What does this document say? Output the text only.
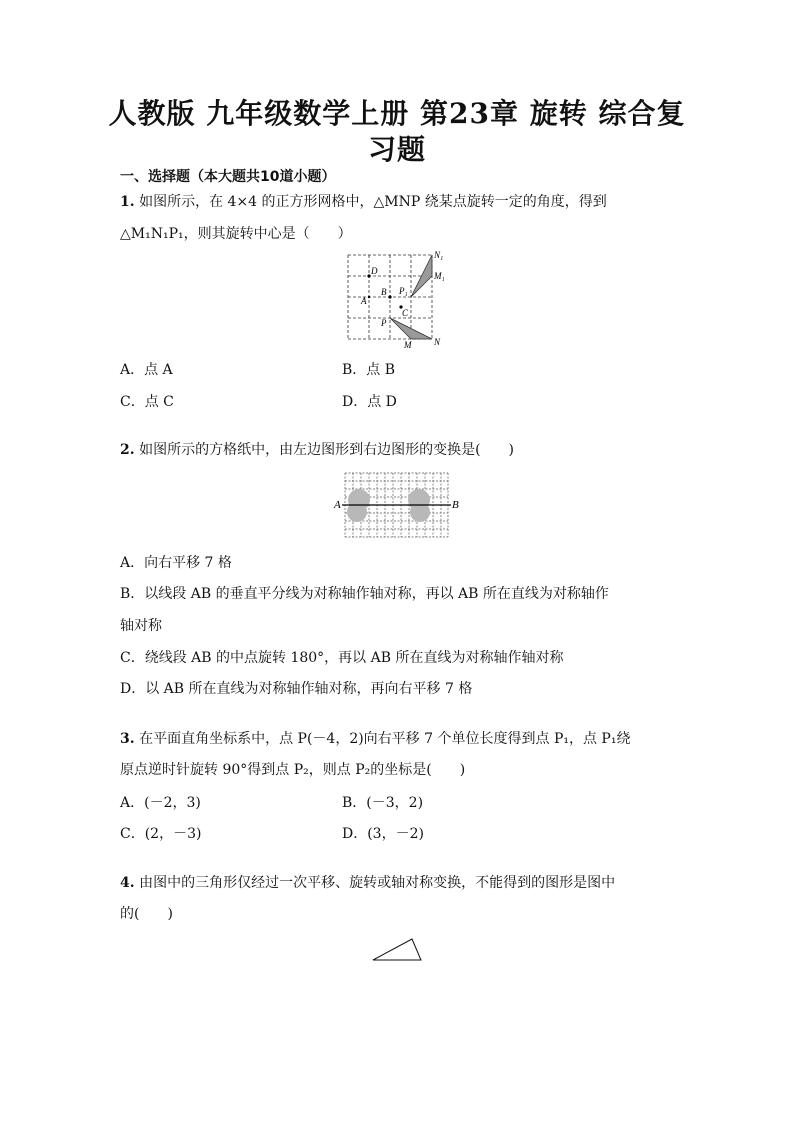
人教版 九年级数学上册 第23章 旋转 综合复
习题
一、选择题（本大题共10道小题）
1. 如图所示，在 4×4 的正方形网格中，△MNP 绕某点旋转一定的角度，得到
△M₁N₁P₁，则其旋转中心是（　　）
N₁
M₁
D
B P₁
A
C
P
M	N
A．点 A	B．点 B
C．点 C	D．点 D
2. 如图所示的方格纸中，由左边图形到右边图形的变换是(　　)
A	B
A．向右平移 7 格
B．以线段 AB 的垂直平分线为对称轴作轴对称，再以 AB 所在直线为对称轴作
轴对称
C．绕线段 AB 的中点旋转 180°，再以 AB 所在直线为对称轴作轴对称
D．以 AB 所在直线为对称轴作轴对称，再向右平移 7 格
3. 在平面直角坐标系中，点 P(－4，2)向右平移 7 个单位长度得到点 P₁，点 P₁绕
原点逆时针旋转 90°得到点 P₂，则点 P₂的坐标是(　　)
A．(－2，3)	B．(－3，2)
C．(2，－3)	D．(3，－2)
4. 由图中的三角形仅经过一次平移、旋转或轴对称变换，不能得到的图形是图中
的(　　)
